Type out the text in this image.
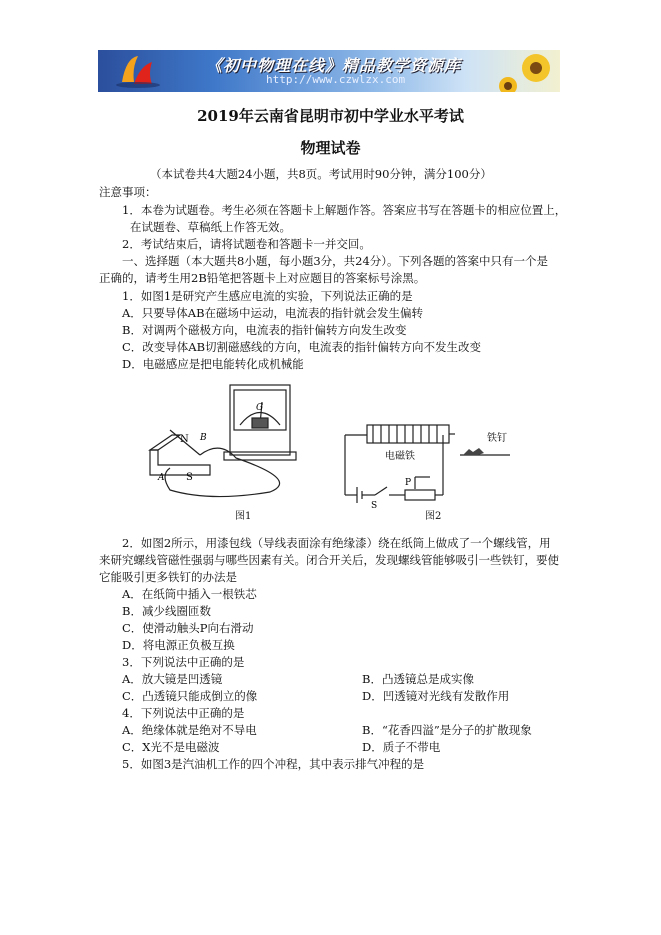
《初中物理在线》精品教学资源库
http://www.czwlzx.com
2019年云南省昆明市初中学业水平考试
物理试卷
（本试卷共4大题24小题，共8页。考试用时90分钟，满分100分）
注意事项：
1．本卷为试题卷。考生必须在答题卡上解题作答。答案应书写在答题卡的相应位置上，
在试题卷、草稿纸上作答无效。
2．考试结束后，请将试题卷和答题卡一并交回。
一、选择题（本大题共8小题，每小题3分，共24分）。下列各题的答案中只有一个是
正确的，请考生用2B铅笔把答题卡上对应题目的答案标号涂黑。
1．如图1是研究产生感应电流的实验，下列说法正确的是
A．只要导体AB在磁场中运动，电流表的指针就会发生偏转
B．对调两个磁极方向，电流表的指针偏转方向发生改变
C．改变导体AB切割磁感线的方向，电流表的指针偏转方向不发生改变
D．电磁感应是把电能转化成机械能
N
S
A
B
G
图1
电磁铁
铁钉
P
S
图2
2．如图2所示，用漆包线（导线表面涂有绝缘漆）绕在纸筒上做成了一个螺线管，用
来研究螺线管磁性强弱与哪些因素有关。闭合开关后，发现螺线管能够吸引一些铁钉，要使
它能吸引更多铁钉的办法是
A．在纸筒中插入一根铁芯
B．减少线圈匝数
C．使滑动触头P向右滑动
D．将电源正负极互换
3．下列说法中正确的是
A．放大镜是凹透镜	B．凸透镜总是成实像
C．凸透镜只能成倒立的像	D．凹透镜对光线有发散作用
4．下列说法中正确的是
A．绝缘体就是绝对不导电	B．“花香四溢”是分子的扩散现象
C．X光不是电磁波	D．质子不带电
5．如图3是汽油机工作的四个冲程，其中表示排气冲程的是
